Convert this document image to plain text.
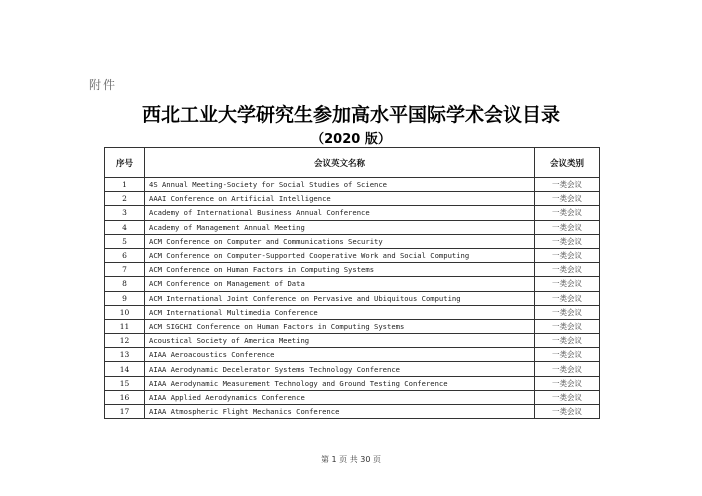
附件
西北工业大学研究生参加高水平国际学术会议目录
（2020 版）
序号	会议英文名称	会议类别
1	4S Annual Meeting-Society for Social Studies of Science	一类会议
2	AAAI Conference on Artificial Intelligence	一类会议
3	Academy of International Business Annual Conference	一类会议
4	Academy of Management Annual Meeting	一类会议
5	ACM Conference on Computer and Communications Security	一类会议
6	ACM Conference on Computer-Supported Cooperative Work and Social Computing	一类会议
7	ACM Conference on Human Factors in Computing Systems	一类会议
8	ACM Conference on Management of Data	一类会议
9	ACM International Joint Conference on Pervasive and Ubiquitous Computing	一类会议
10	ACM International Multimedia Conference	一类会议
11	ACM SIGCHI Conference on Human Factors in Computing Systems	一类会议
12	Acoustical Society of America Meeting	一类会议
13	AIAA Aeroacoustics Conference	一类会议
14	AIAA Aerodynamic Decelerator Systems Technology Conference	一类会议
15	AIAA Aerodynamic Measurement Technology and Ground Testing Conference	一类会议
16	AIAA Applied Aerodynamics Conference	一类会议
17	AIAA Atmospheric Flight Mechanics Conference	一类会议
第 1 页 共 30 页
